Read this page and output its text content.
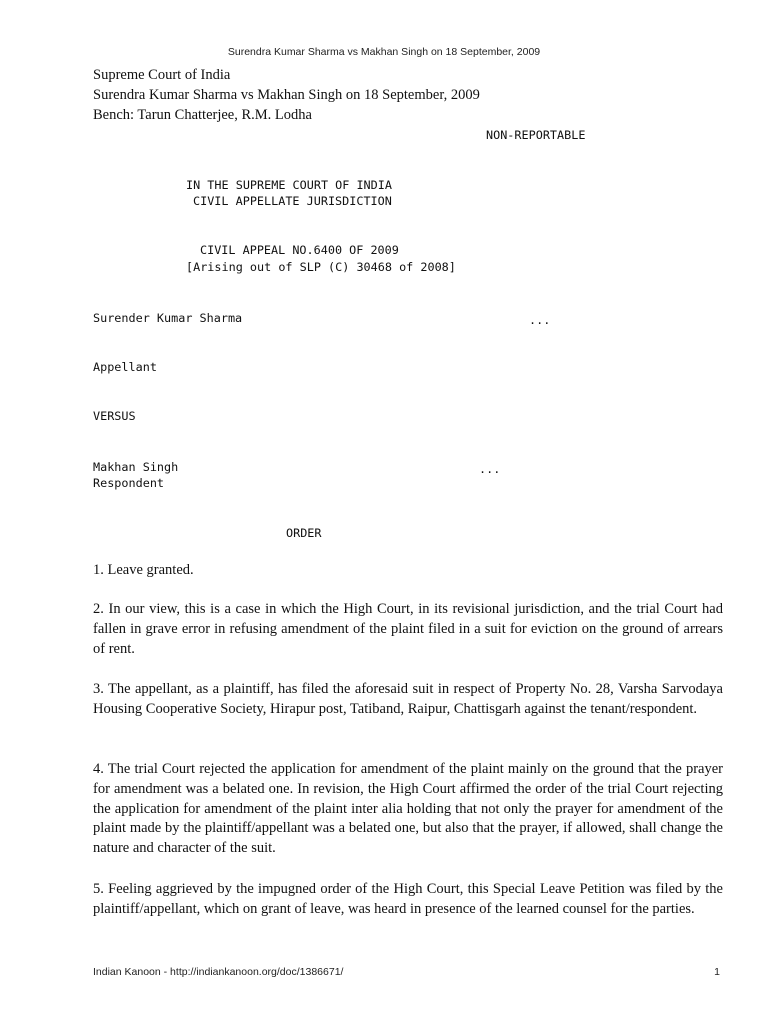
Surendra Kumar Sharma vs Makhan Singh on 18 September, 2009
Supreme Court of India
Surendra Kumar Sharma vs Makhan Singh on 18 September, 2009
Bench: Tarun Chatterjee, R.M. Lodha
NON-REPORTABLE
IN THE SUPREME COURT OF INDIA
CIVIL APPELLATE JURISDICTION
CIVIL APPEAL NO.6400 OF 2009
[Arising out of SLP (C) 30468 of 2008]
Surender Kumar Sharma	...
Appellant
VERSUS
Makhan Singh	...
Respondent
ORDER

1. Leave granted.

2. In our view, this is a case in which the High Court, in its revisional jurisdiction, and the trial Court had fallen in grave error in refusing amendment of the plaint filed in a suit for eviction on the ground of arrears of rent.

3. The appellant, as a plaintiff, has filed the aforesaid suit in respect of Property No. 28, Varsha Sarvodaya Housing Cooperative Society, Hirapur post, Tatiband, Raipur, Chattisgarh against the tenant/respondent.

4. The trial Court rejected the application for amendment of the plaint mainly on the ground that the prayer for amendment was a belated one. In revision, the High Court affirmed the order of the trial Court rejecting the application for amendment of the plaint inter alia holding that not only the prayer for amendment of the plaint made by the plaintiff/appellant was a belated one, but also that the prayer, if allowed, shall change the nature and character of the suit.

5. Feeling aggrieved by the impugned order of the High Court, this Special Leave Petition was filed by the plaintiff/appellant, which on grant of leave, was heard in presence of the learned counsel for the parties.

Indian Kanoon - http://indiankanoon.org/doc/1386671/	1
